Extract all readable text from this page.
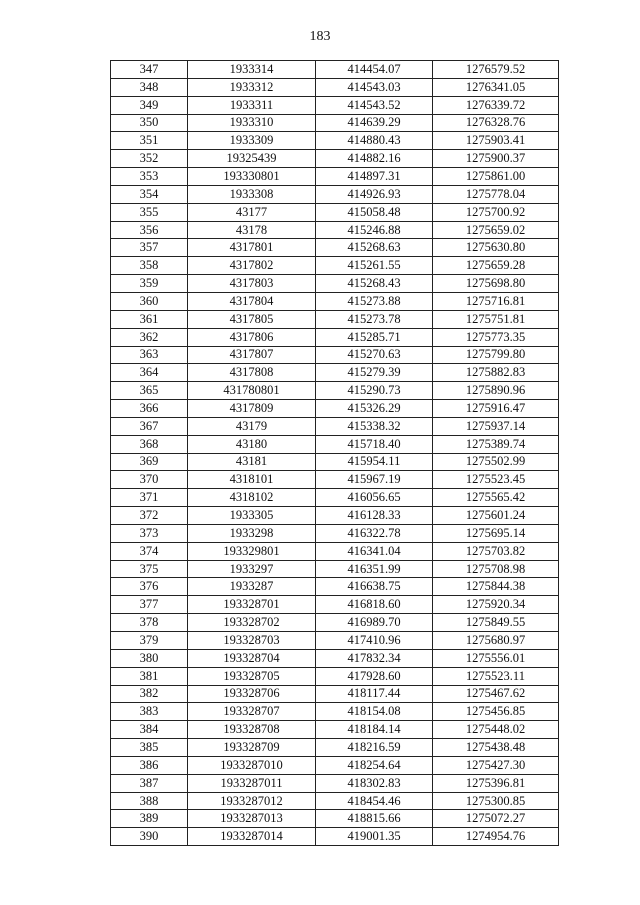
183
347	1933314	414454.07	1276579.52
348	1933312	414543.03	1276341.05
349	1933311	414543.52	1276339.72
350	1933310	414639.29	1276328.76
351	1933309	414880.43	1275903.41
352	19325439	414882.16	1275900.37
353	193330801	414897.31	1275861.00
354	1933308	414926.93	1275778.04
355	43177	415058.48	1275700.92
356	43178	415246.88	1275659.02
357	4317801	415268.63	1275630.80
358	4317802	415261.55	1275659.28
359	4317803	415268.43	1275698.80
360	4317804	415273.88	1275716.81
361	4317805	415273.78	1275751.81
362	4317806	415285.71	1275773.35
363	4317807	415270.63	1275799.80
364	4317808	415279.39	1275882.83
365	431780801	415290.73	1275890.96
366	4317809	415326.29	1275916.47
367	43179	415338.32	1275937.14
368	43180	415718.40	1275389.74
369	43181	415954.11	1275502.99
370	4318101	415967.19	1275523.45
371	4318102	416056.65	1275565.42
372	1933305	416128.33	1275601.24
373	1933298	416322.78	1275695.14
374	193329801	416341.04	1275703.82
375	1933297	416351.99	1275708.98
376	1933287	416638.75	1275844.38
377	193328701	416818.60	1275920.34
378	193328702	416989.70	1275849.55
379	193328703	417410.96	1275680.97
380	193328704	417832.34	1275556.01
381	193328705	417928.60	1275523.11
382	193328706	418117.44	1275467.62
383	193328707	418154.08	1275456.85
384	193328708	418184.14	1275448.02
385	193328709	418216.59	1275438.48
386	1933287010	418254.64	1275427.30
387	1933287011	418302.83	1275396.81
388	1933287012	418454.46	1275300.85
389	1933287013	418815.66	1275072.27
390	1933287014	419001.35	1274954.76
